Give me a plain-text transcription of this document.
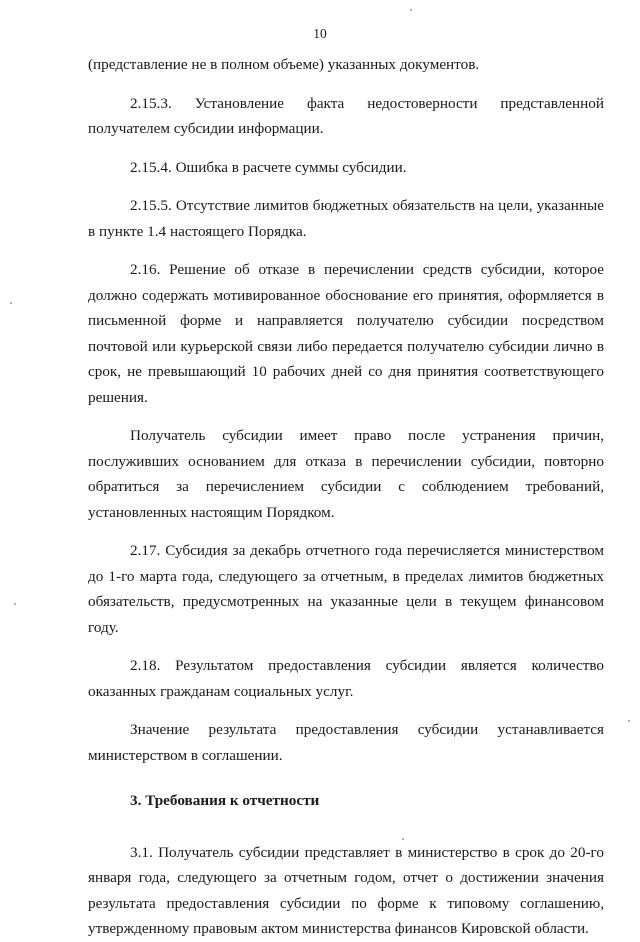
10

(представление не в полном объеме) указанных документов.

2.15.3. Установление факта недостоверности представленной получателем субсидии информации.

2.15.4. Ошибка в расчете суммы субсидии.

2.15.5. Отсутствие лимитов бюджетных обязательств на цели, указанные в пункте 1.4 настоящего Порядка.

2.16. Решение об отказе в перечислении средств субсидии, которое должно содержать мотивированное обоснование его принятия, оформляется в письменной форме и направляется получателю субсидии посредством почтовой или курьерской связи либо передается получателю субсидии лично в срок, не превышающий 10 рабочих дней со дня принятия соответствующего решения.

Получатель субсидии имеет право после устранения причин, послуживших основанием для отказа в перечислении субсидии, повторно обратиться за перечислением субсидии с соблюдением требований, установленных настоящим Порядком.

2.17. Субсидия за декабрь отчетного года перечисляется министерством до 1-го марта года, следующего за отчетным, в пределах лимитов бюджетных обязательств, предусмотренных на указанные цели в текущем финансовом году.

2.18. Результатом предоставления субсидии является количество оказанных гражданам социальных услуг.

Значение результата предоставления субсидии устанавливается министерством в соглашении.

3. Требования к отчетности

3.1. Получатель субсидии представляет в министерство в срок до 20-го января года, следующего за отчетным годом, отчет о достижении значения результата предоставления субсидии по форме к типовому соглашению, утвержденному правовым актом министерства финансов Кировской области.
